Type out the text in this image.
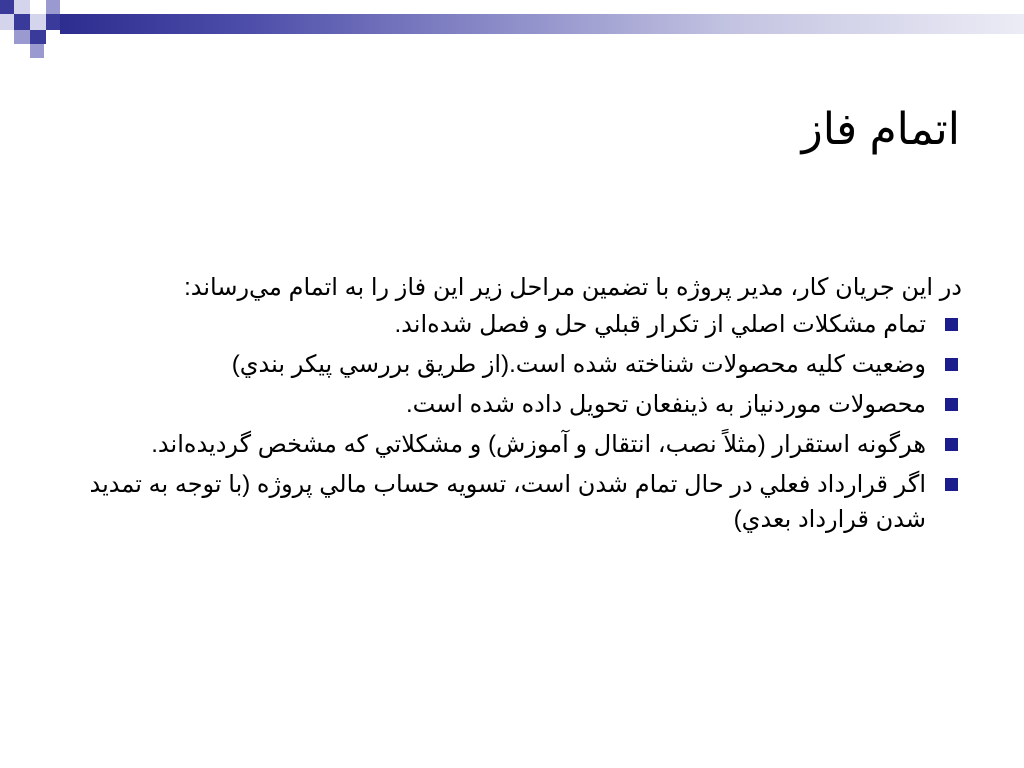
اتمام فاز

در اين جريان كار، مدير پروژه با تضمين مراحل زير اين فاز را به اتمام مي‌رساند:

تمام مشكلات اصلي از تكرار قبلي حل و فصل شده‌اند.
وضعيت كليه محصولات شناخته شده است.(از طريق بررسي پيكر بندي)
محصولات موردنياز به ذينفعان تحويل داده شده است.
هرگونه استقرار (مثلاً نصب، انتقال و آموزش) و مشكلاتي كه مشخص گرديده‌اند.
اگر قرارداد فعلي در حال تمام شدن است، تسويه حساب مالي پروژه (با توجه به تمديد شدن قرارداد بعدي)
